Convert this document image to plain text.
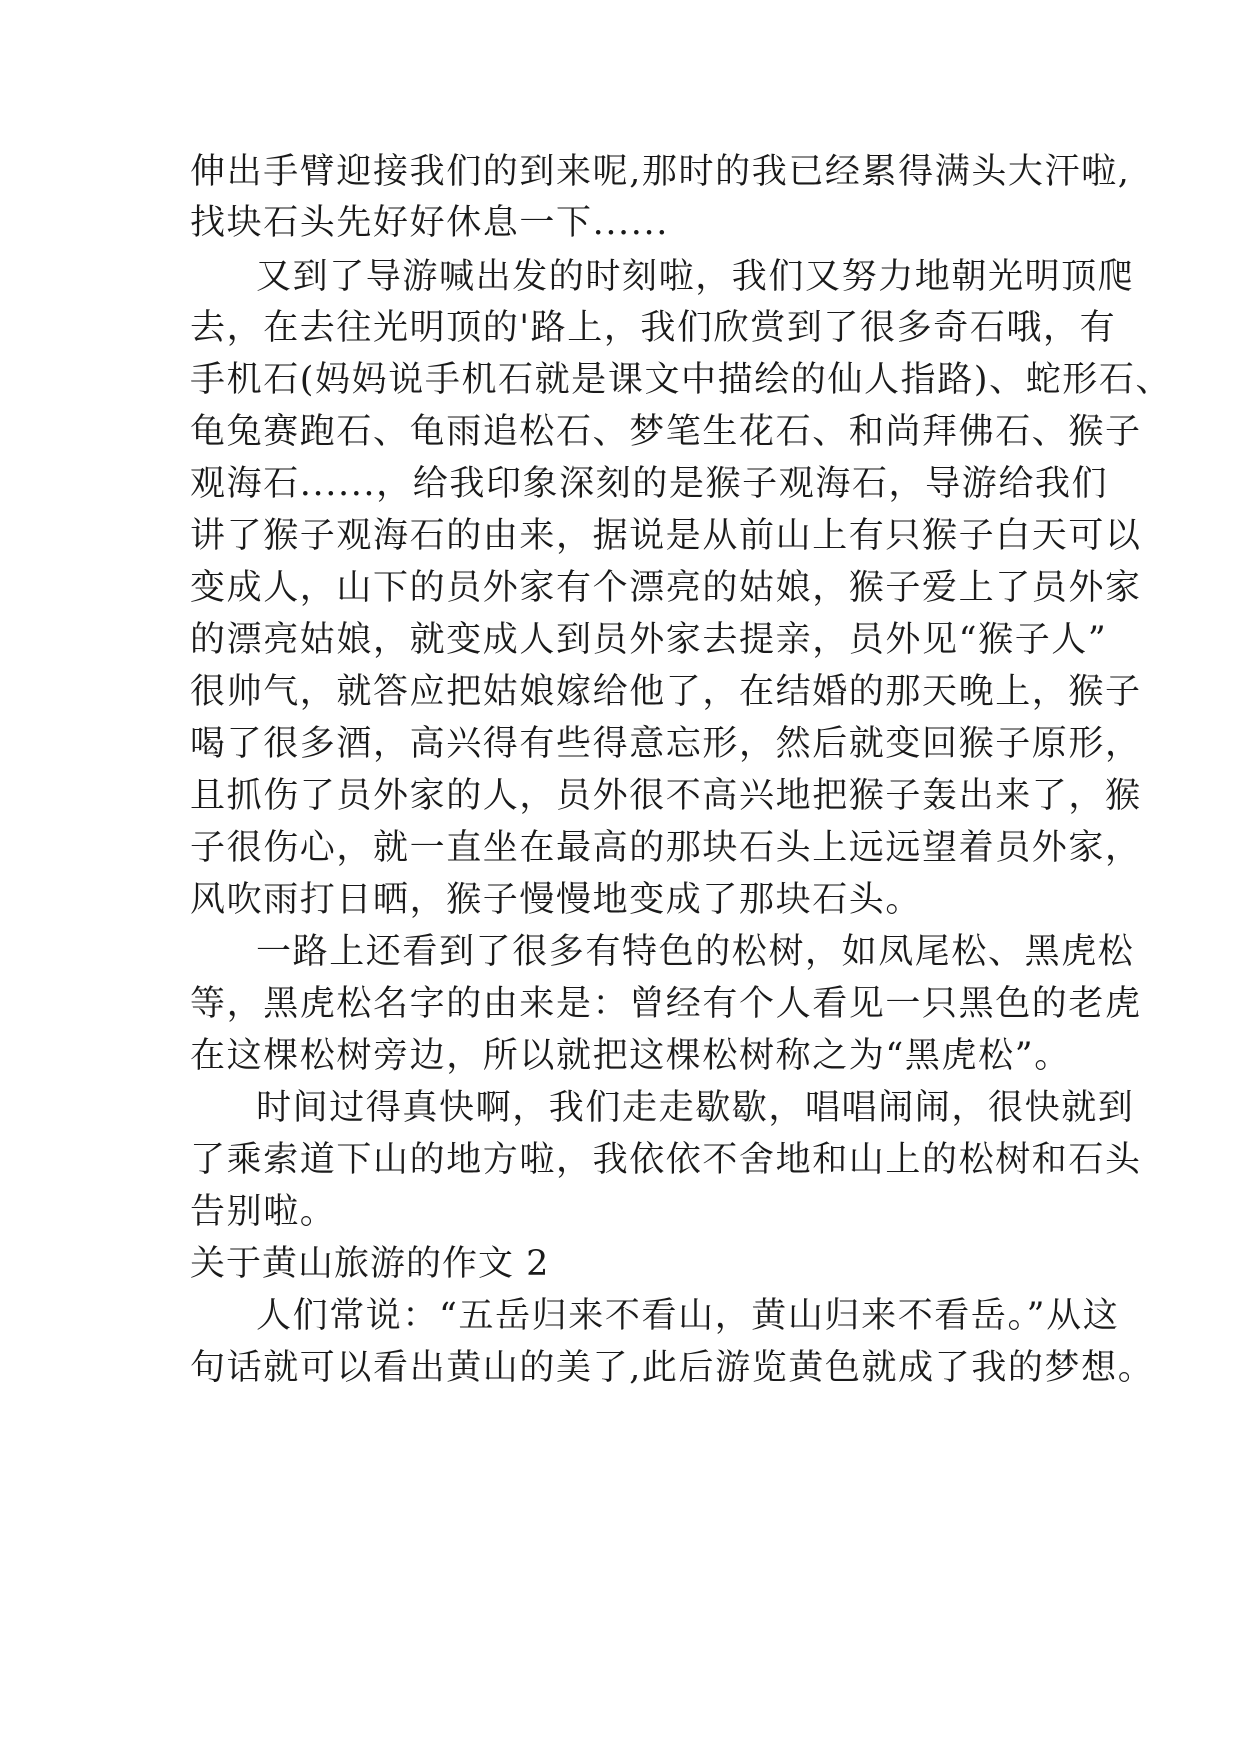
伸出手臂迎接我们的到来呢,那时的我已经累得满头大汗啦,
找块石头先好好休息一下......
又到了导游喊出发的时刻啦，我们又努力地朝光明顶爬
去，在去往光明顶的'路上，我们欣赏到了很多奇石哦，有
手机石(妈妈说手机石就是课文中描绘的仙人指路)、蛇形石、
龟兔赛跑石、龟雨追松石、梦笔生花石、和尚拜佛石、猴子
观海石......，给我印象深刻的是猴子观海石，导游给我们
讲了猴子观海石的由来，据说是从前山上有只猴子白天可以
变成人，山下的员外家有个漂亮的姑娘，猴子爱上了员外家
的漂亮姑娘，就变成人到员外家去提亲，员外见“猴子人”
很帅气，就答应把姑娘嫁给他了，在结婚的那天晚上，猴子
喝了很多酒，高兴得有些得意忘形，然后就变回猴子原形，
且抓伤了员外家的人，员外很不高兴地把猴子轰出来了，猴
子很伤心，就一直坐在最高的那块石头上远远望着员外家，
风吹雨打日晒，猴子慢慢地变成了那块石头。
一路上还看到了很多有特色的松树，如凤尾松、黑虎松
等，黑虎松名字的由来是：曾经有个人看见一只黑色的老虎
在这棵松树旁边，所以就把这棵松树称之为“黑虎松”。
时间过得真快啊，我们走走歇歇，唱唱闹闹，很快就到
了乘索道下山的地方啦，我依依不舍地和山上的松树和石头
告别啦。
关于黄山旅游的作文 2
人们常说：“五岳归来不看山，黄山归来不看岳。”从这
句话就可以看出黄山的美了,此后游览黄色就成了我的梦想。
